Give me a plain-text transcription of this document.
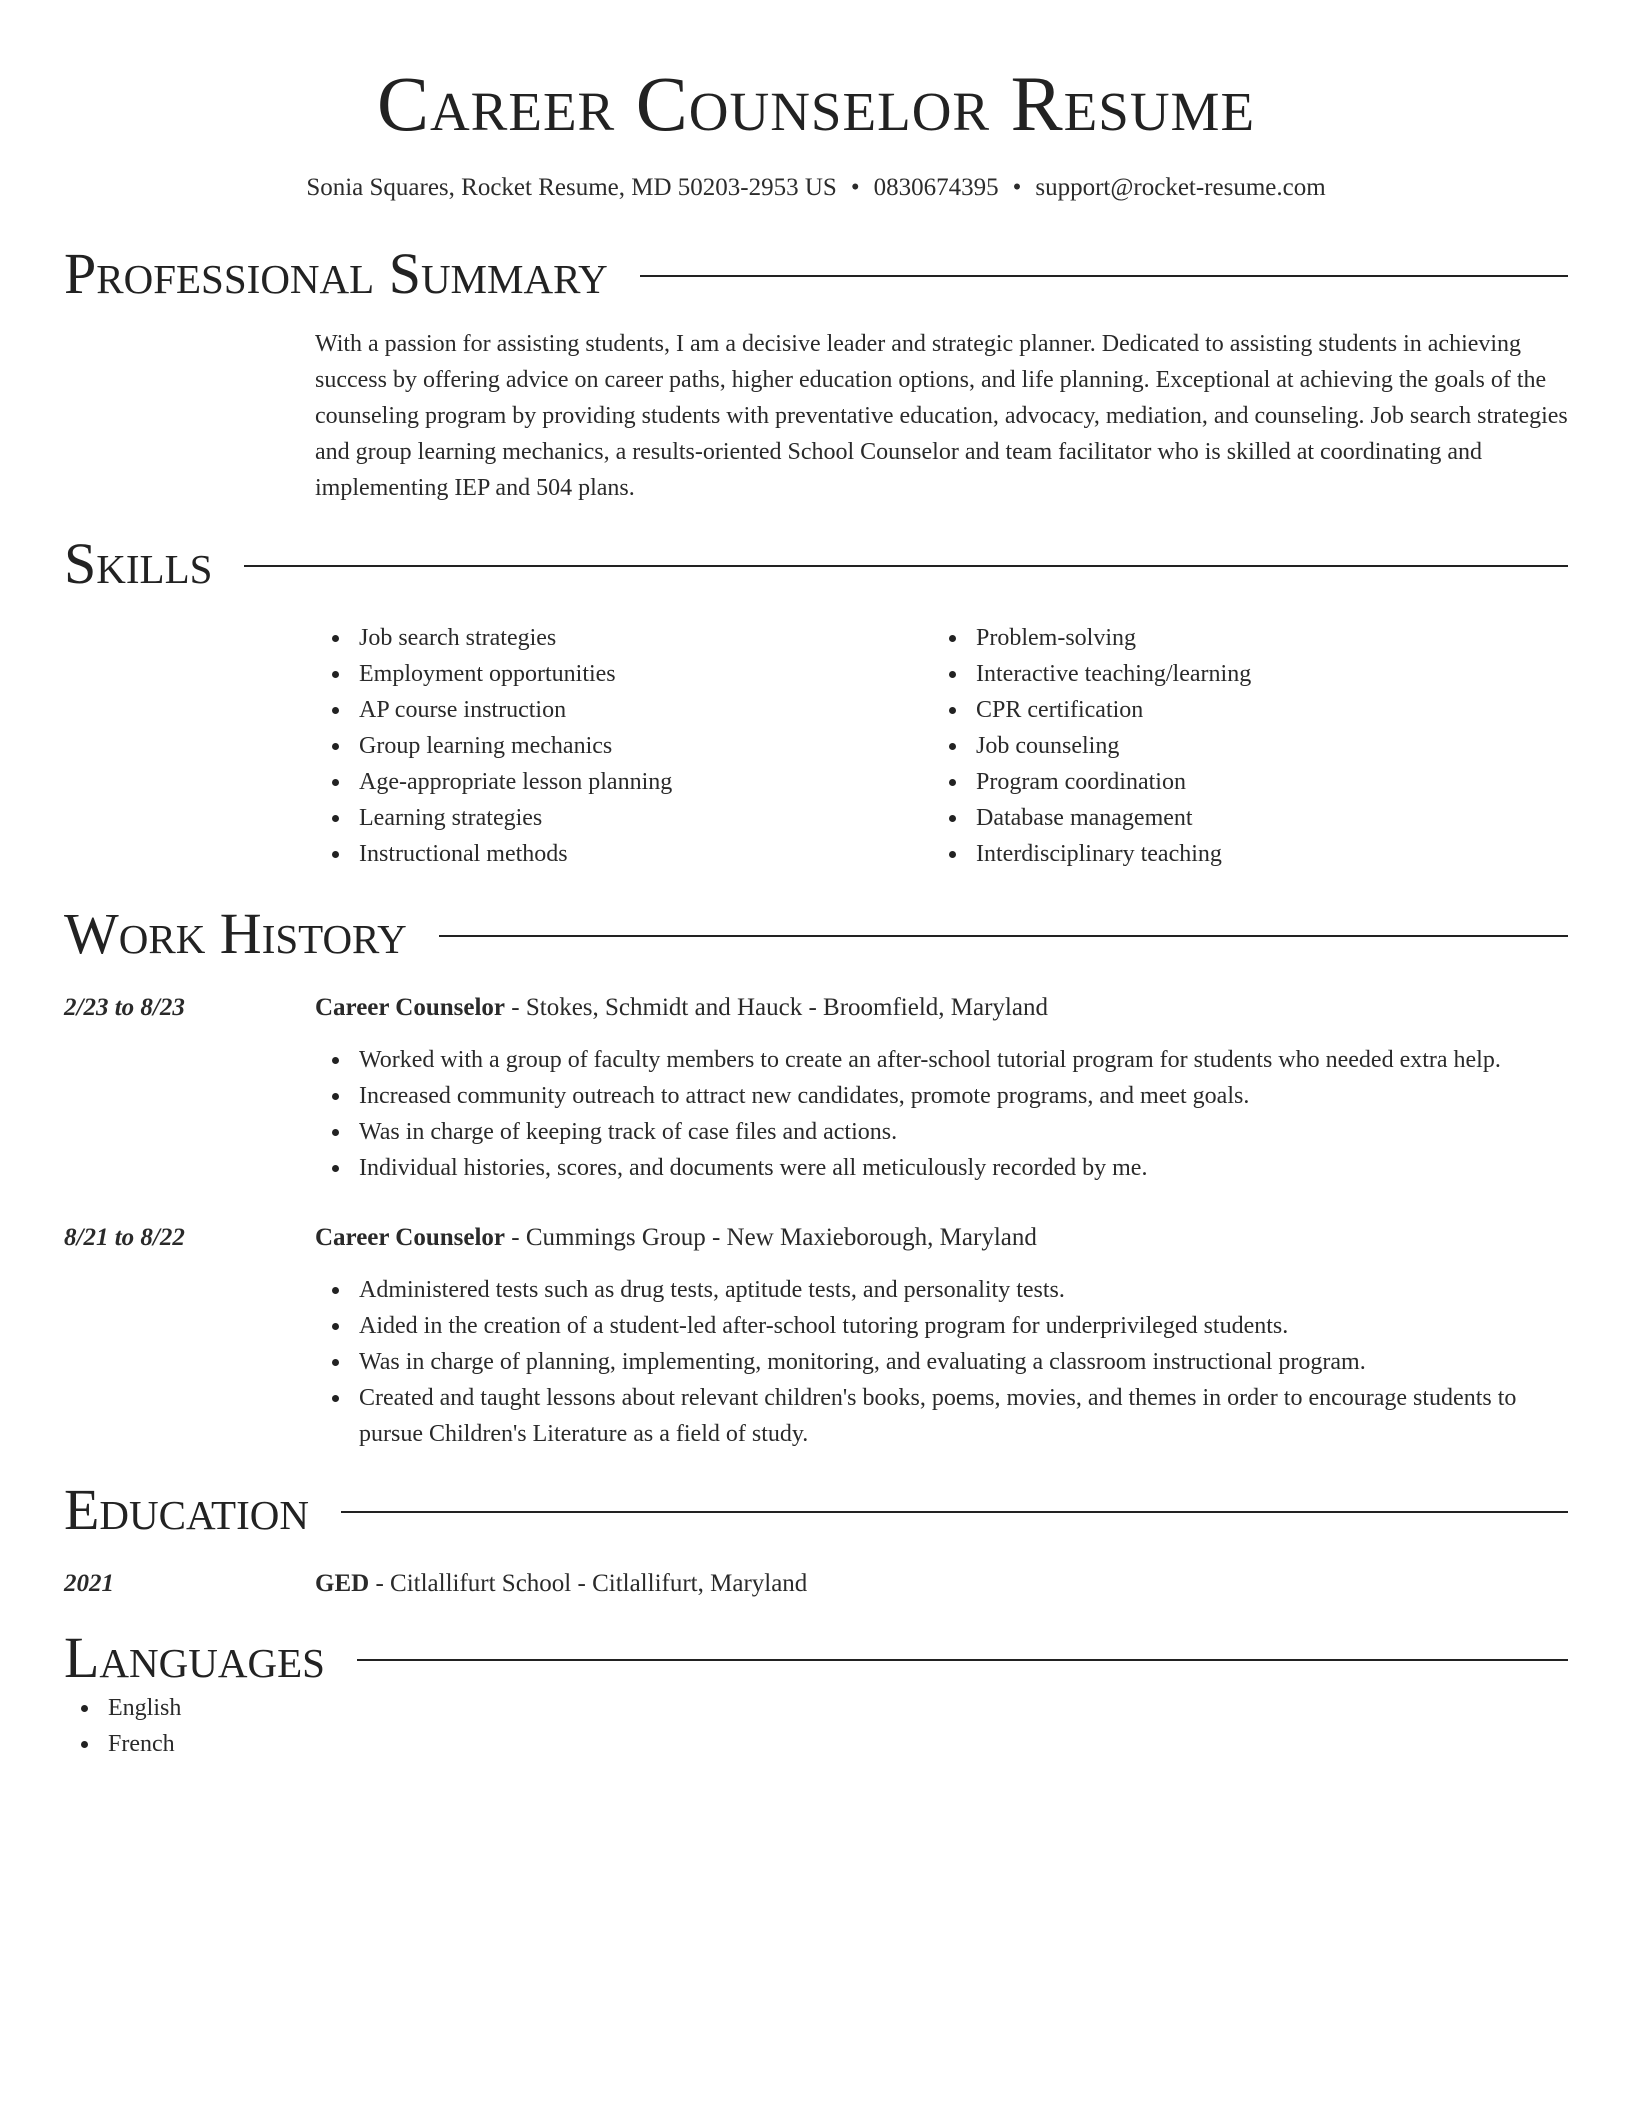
Career Counselor Resume
Sonia Squares, Rocket Resume, MD 50203-2953 US • 0830674395 • support@rocket-resume.com
Professional Summary
With a passion for assisting students, I am a decisive leader and strategic planner. Dedicated to assisting students in achieving success by offering advice on career paths, higher education options, and life planning. Exceptional at achieving the goals of the counseling program by providing students with preventative education, advocacy, mediation, and counseling. Job search strategies and group learning mechanics, a results-oriented School Counselor and team facilitator who is skilled at coordinating and implementing IEP and 504 plans.
Skills
Job search strategies
Employment opportunities
AP course instruction
Group learning mechanics
Age-appropriate lesson planning
Learning strategies
Instructional methods
Problem-solving
Interactive teaching/learning
CPR certification
Job counseling
Program coordination
Database management
Interdisciplinary teaching
Work History
2/23 to 8/23	Career Counselor - Stokes, Schmidt and Hauck - Broomfield, Maryland
Worked with a group of faculty members to create an after-school tutorial program for students who needed extra help.
Increased community outreach to attract new candidates, promote programs, and meet goals.
Was in charge of keeping track of case files and actions.
Individual histories, scores, and documents were all meticulously recorded by me.
8/21 to 8/22	Career Counselor - Cummings Group - New Maxieborough, Maryland
Administered tests such as drug tests, aptitude tests, and personality tests.
Aided in the creation of a student-led after-school tutoring program for underprivileged students.
Was in charge of planning, implementing, monitoring, and evaluating a classroom instructional program.
Created and taught lessons about relevant children's books, poems, movies, and themes in order to encourage students to pursue Children's Literature as a field of study.
Education
2021	GED - Citlallifurt School - Citlallifurt, Maryland
Languages
English
French
